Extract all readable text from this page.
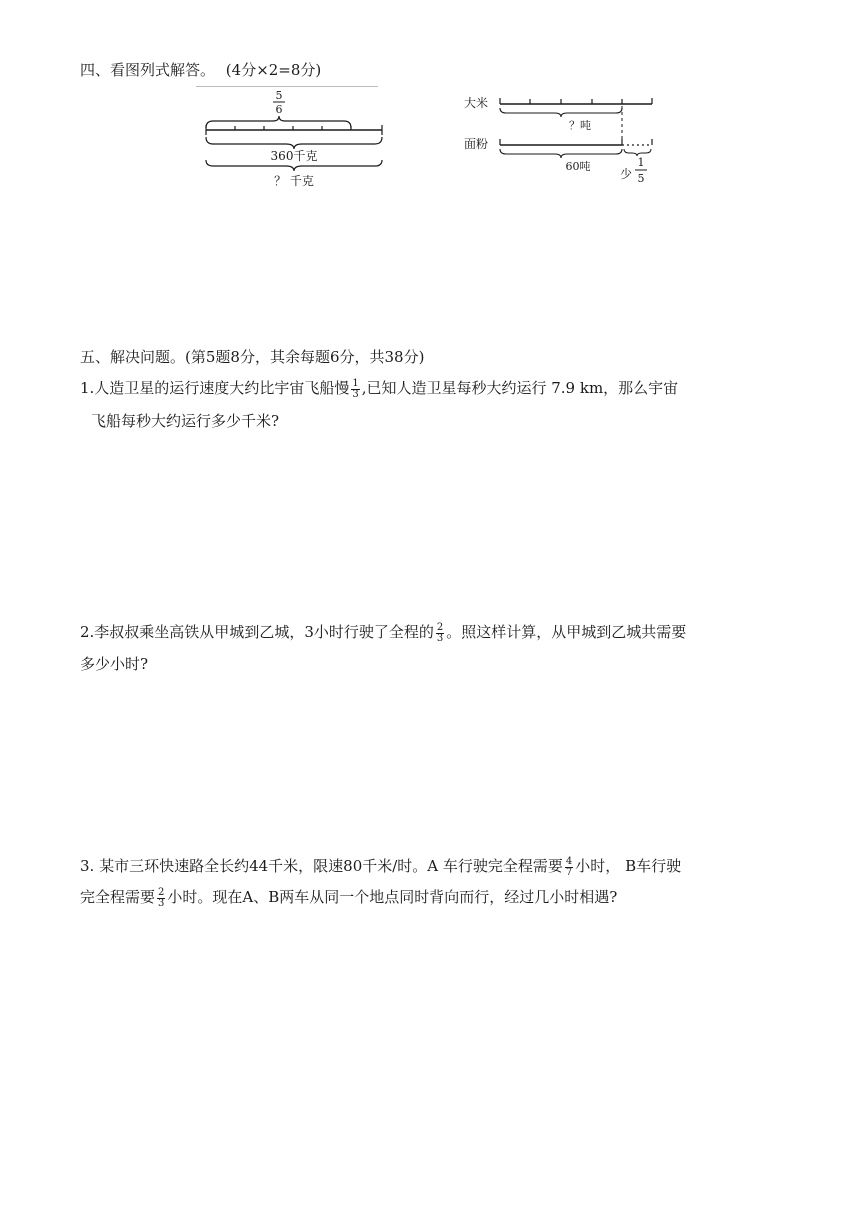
四、看图列式解答。 (4分×2=8分)
5
6
360千克
？ 千克
大米
？吨
面粉
60吨
少
1
5
五、解决问题。(第5题8分，其余每题6分，共38分)
1.人造卫星的运行速度大约比宇宙飞船慢 $\frac{1}{3}$ ,已知人造卫星每秒大约运行 7.9 km，那么宇宙
飞船每秒大约运行多少千米?
2.李叔叔乘坐高铁从甲城到乙城，3小时行驶了全程的 $\frac{2}{3}$ 。照这样计算，从甲城到乙城共需要
多少小时?
3. 某市三环快速路全长约44千米，限速80千米/时。A 车行驶完全程需要 $\frac{4}{7}$ 小时， B车行驶
完全程需要 $\frac{2}{3}$ 小时。现在A、B两车从同一个地点同时背向而行，经过几小时相遇?
